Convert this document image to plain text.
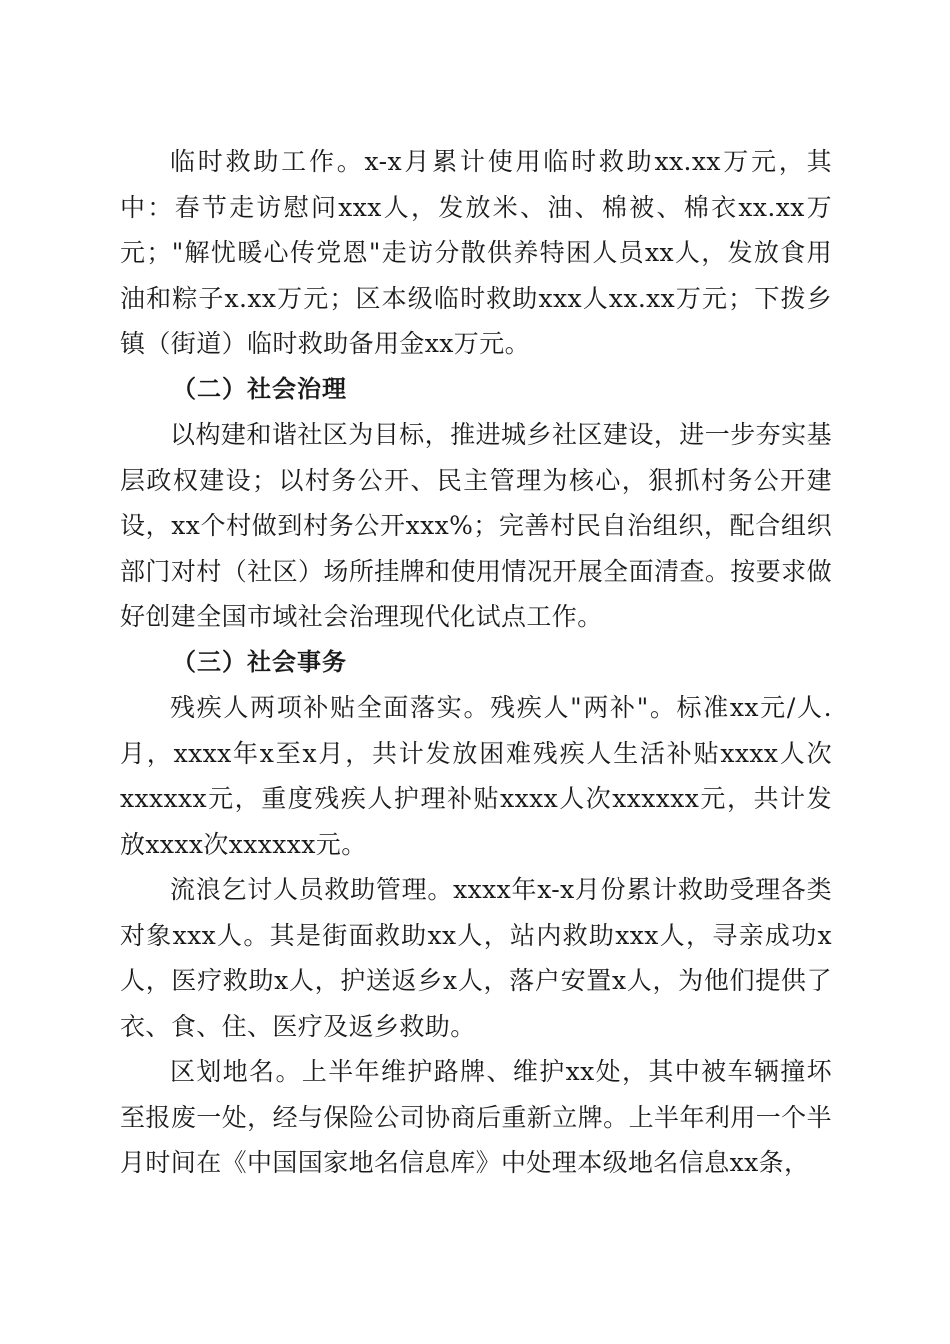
临时救助工作。x-x月累计使用临时救助xx.xx万元，其中：春节走访慰问xxx人，发放米、油、棉被、棉衣xx.xx万元；"解忧暖心传党恩"走访分散供养特困人员xx人，发放食用油和粽子x.xx万元；区本级临时救助xxx人xx.xx万元；下拨乡镇（街道）临时救助备用金xx万元。

（二）社会治理

以构建和谐社区为目标，推进城乡社区建设，进一步夯实基层政权建设；以村务公开、民主管理为核心，狠抓村务公开建设，xx个村做到村务公开xxx%；完善村民自治组织，配合组织部门对村（社区）场所挂牌和使用情况开展全面清查。按要求做好创建全国市域社会治理现代化试点工作。

（三）社会事务

残疾人两项补贴全面落实。残疾人"两补"。标准xx元/人.月，xxxx年x至x月，共计发放困难残疾人生活补贴xxxx人次xxxxxx元，重度残疾人护理补贴xxxx人次xxxxxx元，共计发放xxxx次xxxxxx元。

流浪乞讨人员救助管理。xxxx年x-x月份累计救助受理各类对象xxx人。其是街面救助xx人，站内救助xxx人，寻亲成功x人，医疗救助x人，护送返乡x人，落户安置x人，为他们提供了衣、食、住、医疗及返乡救助。

区划地名。上半年维护路牌、维护xx处，其中被车辆撞坏至报废一处，经与保险公司协商后重新立牌。上半年利用一个半月时间在《中国国家地名信息库》中处理本级地名信息xx条，
